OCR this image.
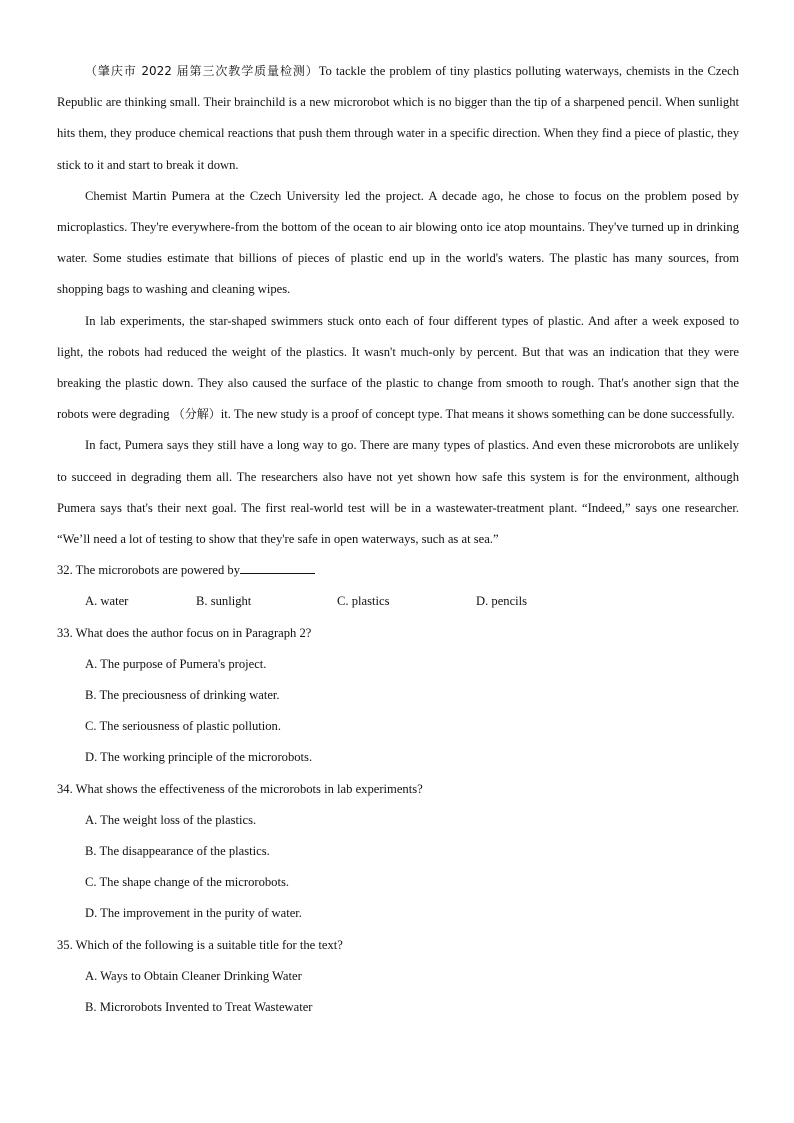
（肇庆市 2022 届第三次教学质量检测）To tackle the problem of tiny plastics polluting waterways, chemists in the Czech Republic are thinking small. Their brainchild is a new microrobot which is no bigger than the tip of a sharpened pencil. When sunlight hits them, they produce chemical reactions that push them through water in a specific direction. When they find a piece of plastic, they stick to it and start to break it down.

Chemist Martin Pumera at the Czech University led the project. A decade ago, he chose to focus on the problem posed by microplastics. They're everywhere-from the bottom of the ocean to air blowing onto ice atop mountains. They've turned up in drinking water. Some studies estimate that billions of pieces of plastic end up in the world's waters. The plastic has many sources, from shopping bags to washing and cleaning wipes.

In lab experiments, the star-shaped swimmers stuck onto each of four different types of plastic. And after a week exposed to light, the robots had reduced the weight of the plastics. It wasn't much-only by percent. But that was an indication that they were breaking the plastic down. They also caused the surface of the plastic to change from smooth to rough. That's another sign that the robots were degrading （分解）it. The new study is a proof of concept type. That means it shows something can be done successfully.

In fact, Pumera says they still have a long way to go. There are many types of plastics. And even these microrobots are unlikely to succeed in degrading them all. The researchers also have not yet shown how safe this system is for the environment, although Pumera says that's their next goal. The first real-world test will be in a wastewater-treatment plant. “Indeed,” says one researcher. “We’ll need a lot of testing to show that they're safe in open waterways, such as at sea.”

32. The microrobots are powered by

A. water	B. sunlight	C. plastics	D. pencils

33. What does the author focus on in Paragraph 2?

A. The purpose of Pumera's project.

B. The preciousness of drinking water.

C. The seriousness of plastic pollution.

D. The working principle of the microrobots.

34. What shows the effectiveness of the microrobots in lab experiments?

A. The weight loss of the plastics.

B. The disappearance of the plastics.

C. The shape change of the microrobots.

D. The improvement in the purity of water.

35. Which of the following is a suitable title for the text?

A. Ways to Obtain Cleaner Drinking Water

B. Microrobots Invented to Treat Wastewater
